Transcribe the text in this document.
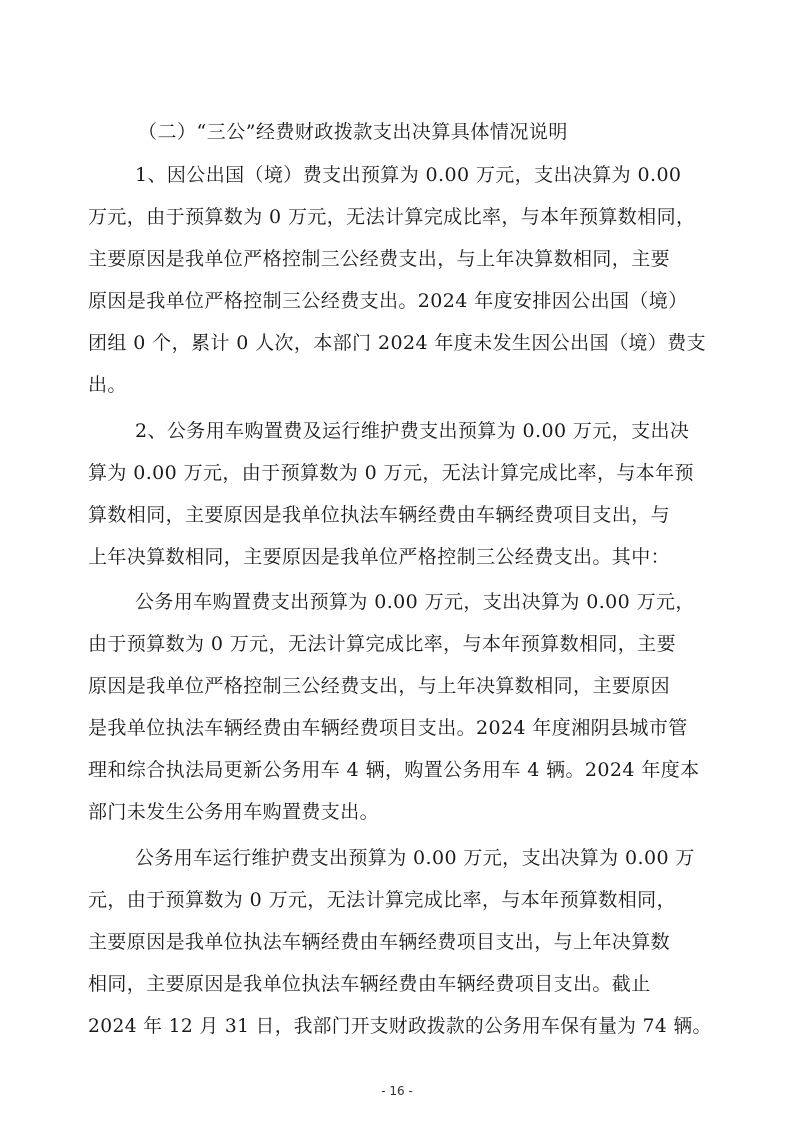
（二）“三公”经费财政拨款支出决算具体情况说明
1、因公出国（境）费支出预算为 0.00 万元，支出决算为 0.00
万元，由于预算数为 0 万元，无法计算完成比率，与本年预算数相同，
主要原因是我单位严格控制三公经费支出，与上年决算数相同，主要
原因是我单位严格控制三公经费支出。2024 年度安排因公出国（境）
团组 0 个，累计 0 人次，本部门 2024 年度未发生因公出国（境）费支
出。
2、公务用车购置费及运行维护费支出预算为 0.00 万元，支出决
算为 0.00 万元，由于预算数为 0 万元，无法计算完成比率，与本年预
算数相同，主要原因是我单位执法车辆经费由车辆经费项目支出，与
上年决算数相同，主要原因是我单位严格控制三公经费支出。其中：
公务用车购置费支出预算为 0.00 万元，支出决算为 0.00 万元，
由于预算数为 0 万元，无法计算完成比率，与本年预算数相同，主要
原因是我单位严格控制三公经费支出，与上年决算数相同，主要原因
是我单位执法车辆经费由车辆经费项目支出。2024 年度湘阴县城市管
理和综合执法局更新公务用车 4 辆，购置公务用车 4 辆。2024 年度本
部门未发生公务用车购置费支出。
公务用车运行维护费支出预算为 0.00 万元，支出决算为 0.00 万
元，由于预算数为 0 万元，无法计算完成比率，与本年预算数相同，
主要原因是我单位执法车辆经费由车辆经费项目支出，与上年决算数
相同，主要原因是我单位执法车辆经费由车辆经费项目支出。截止
2024 年 12 月 31 日，我部门开支财政拨款的公务用车保有量为 74 辆。
- 16 -
